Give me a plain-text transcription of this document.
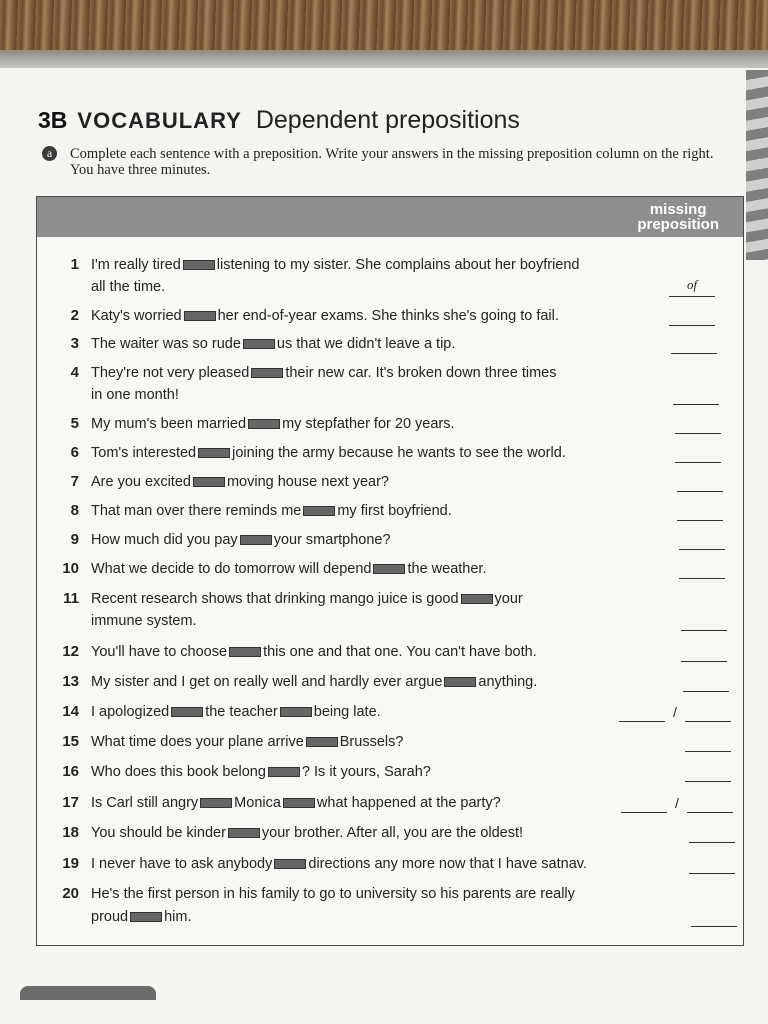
3B VOCABULARY Dependent prepositions
a	Complete each sentence with a preposition. Write your answers in the missing preposition column on the right. You have three minutes.
missing
preposition
1 I'm really tired listening to my sister. She complains about her boyfriend
all the time.	of
2 Katy's worried her end-of-year exams. She thinks she's going to fail.
3 The waiter was so rude us that we didn't leave a tip.
4 They're not very pleased their new car. It's broken down three times
in one month!
5 My mum's been married my stepfather for 20 years.
6 Tom's interested joining the army because he wants to see the world.
7 Are you excited moving house next year?
8 That man over there reminds me my first boyfriend.
9 How much did you pay your smartphone?
10 What we decide to do tomorrow will depend the weather.
11 Recent research shows that drinking mango juice is good your
immune system.
12 You'll have to choose this one and that one. You can't have both.
13 My sister and I get on really well and hardly ever argue anything.
14 I apologized the teacher being late.	/
15 What time does your plane arrive Brussels?
16 Who does this book belong ? Is it yours, Sarah?
17 Is Carl still angry Monica what happened at the party?	/
18 You should be kinder your brother. After all, you are the oldest!
19 I never have to ask anybody directions any more now that I have satnav.
20 He's the first person in his family to go to university so his parents are really
proud him.
